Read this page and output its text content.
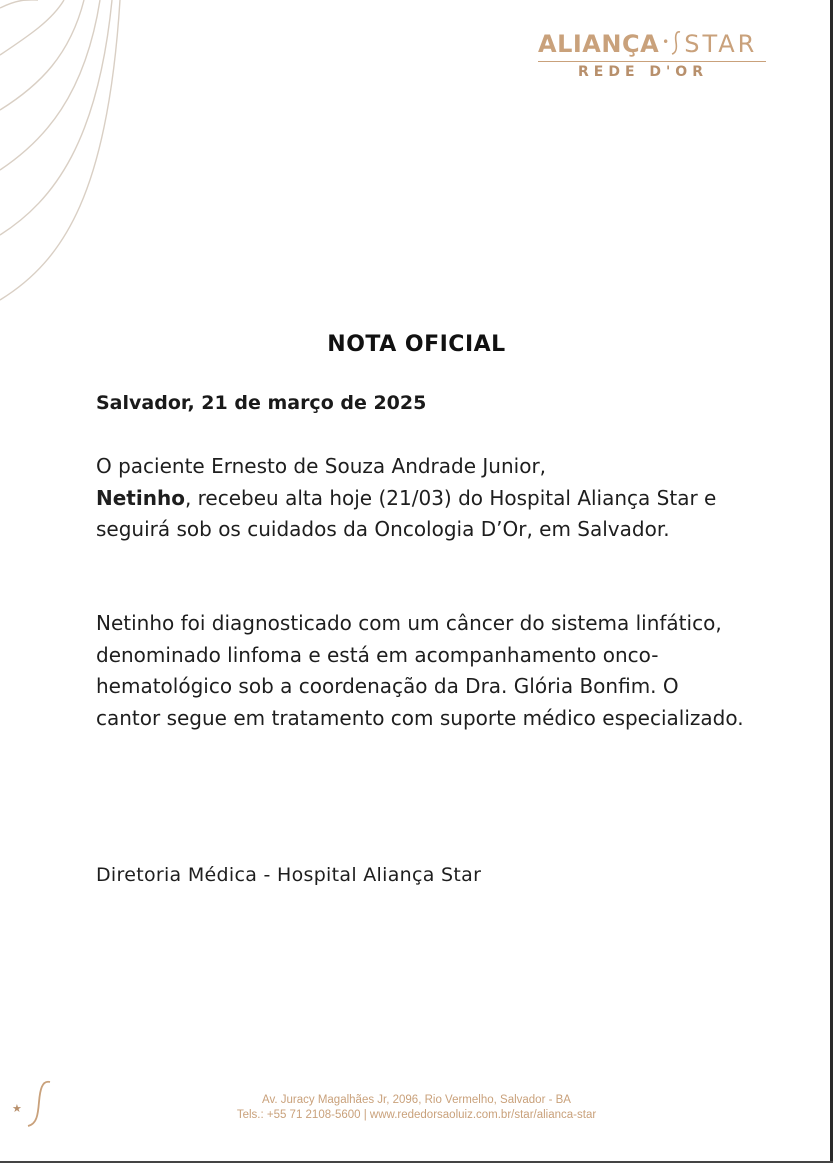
ALIANÇA • STAR
REDE D'OR
NOTA OFICIAL
Salvador, 21 de março de 2025
O paciente Ernesto de Souza Andrade Junior,
Netinho, recebeu alta hoje (21/03) do Hospital Aliança Star e seguirá sob os cuidados da Oncologia D’Or, em Salvador.
Netinho foi diagnosticado com um câncer do sistema linfático, denominado linfoma e está em acompanhamento onco-hematológico sob a coordenação da Dra. Glória Bonfim. O cantor segue em tratamento com suporte médico especializado.
Diretoria Médica - Hospital Aliança Star
★
Av. Juracy Magalhães Jr, 2096, Rio Vermelho, Salvador - BA
Tels.: +55 71 2108-5600 | www.rededorsaoluiz.com.br/star/alianca-star
